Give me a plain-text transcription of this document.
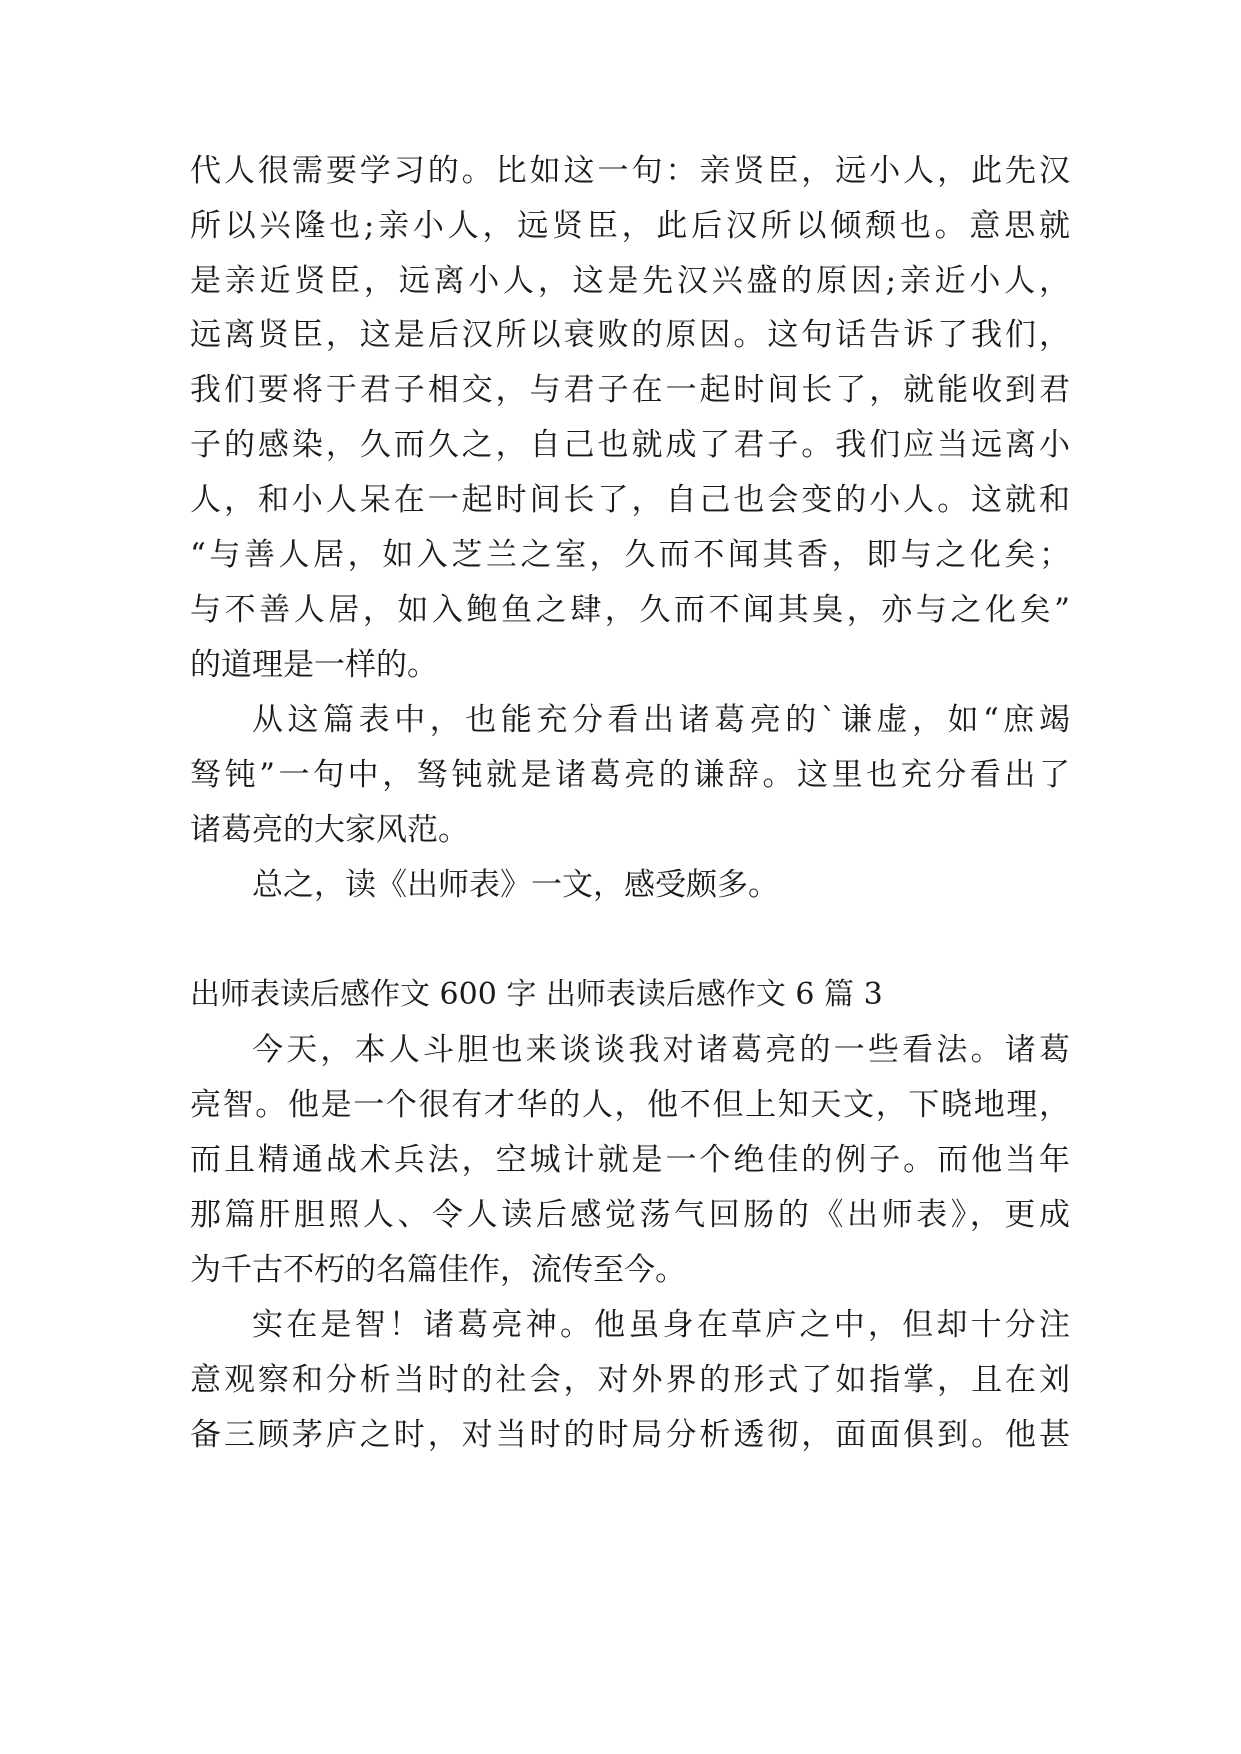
代人很需要学习的。比如这一句：亲贤臣，远小人，此先汉
所以兴隆也;亲小人，远贤臣，此后汉所以倾颓也。意思就
是亲近贤臣，远离小人，这是先汉兴盛的原因;亲近小人，
远离贤臣，这是后汉所以衰败的原因。这句话告诉了我们，
我们要将于君子相交，与君子在一起时间长了，就能收到君
子的感染，久而久之，自己也就成了君子。我们应当远离小
人，和小人呆在一起时间长了，自己也会变的小人。这就和
“与善人居，如入芝兰之室，久而不闻其香，即与之化矣；
与不善人居，如入鲍鱼之肆，久而不闻其臭，亦与之化矣”
的道理是一样的。
从这篇表中，也能充分看出诸葛亮的`谦虚，如“庶竭
驽钝”一句中，驽钝就是诸葛亮的谦辞。这里也充分看出了
诸葛亮的大家风范。
总之，读《出师表》一文，感受颇多。
出师表读后感作文 600 字 出师表读后感作文 6 篇 3
今天，本人斗胆也来谈谈我对诸葛亮的一些看法。诸葛
亮智。他是一个很有才华的人，他不但上知天文，下晓地理，
而且精通战术兵法，空城计就是一个绝佳的例子。而他当年
那篇肝胆照人、令人读后感觉荡气回肠的《出师表》，更成
为千古不朽的名篇佳作，流传至今。
实在是智！诸葛亮神。他虽身在草庐之中，但却十分注
意观察和分析当时的社会，对外界的形式了如指掌，且在刘
备三顾茅庐之时，对当时的时局分析透彻，面面俱到。他甚
